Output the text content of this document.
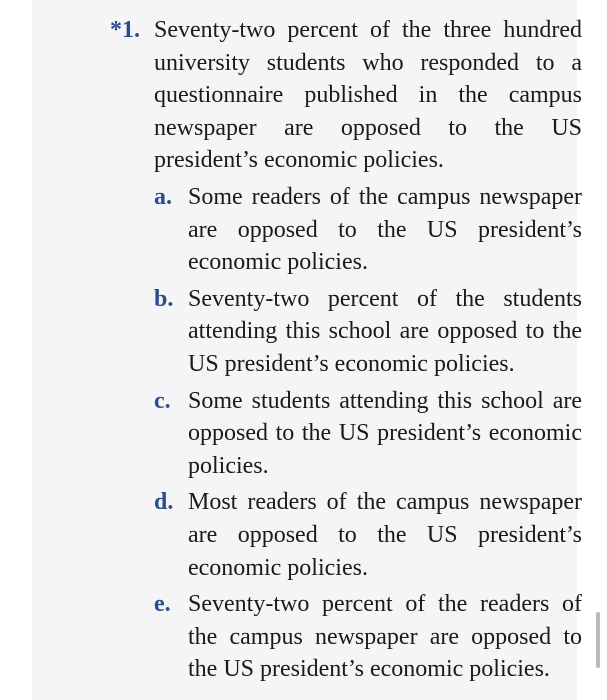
*1. Seventy-two percent of the three hundred university students who responded to a questionnaire published in the campus newspaper are opposed to the US president’s economic policies.

a. Some readers of the campus newspaper are opposed to the US president’s economic policies.
b. Seventy-two percent of the students attending this school are opposed to the US president’s economic policies.
c. Some students attending this school are opposed to the US president’s economic policies.
d. Most readers of the campus newspaper are opposed to the US president’s economic policies.
e. Seventy-two percent of the readers of the campus newspaper are opposed to the US president’s economic policies.
